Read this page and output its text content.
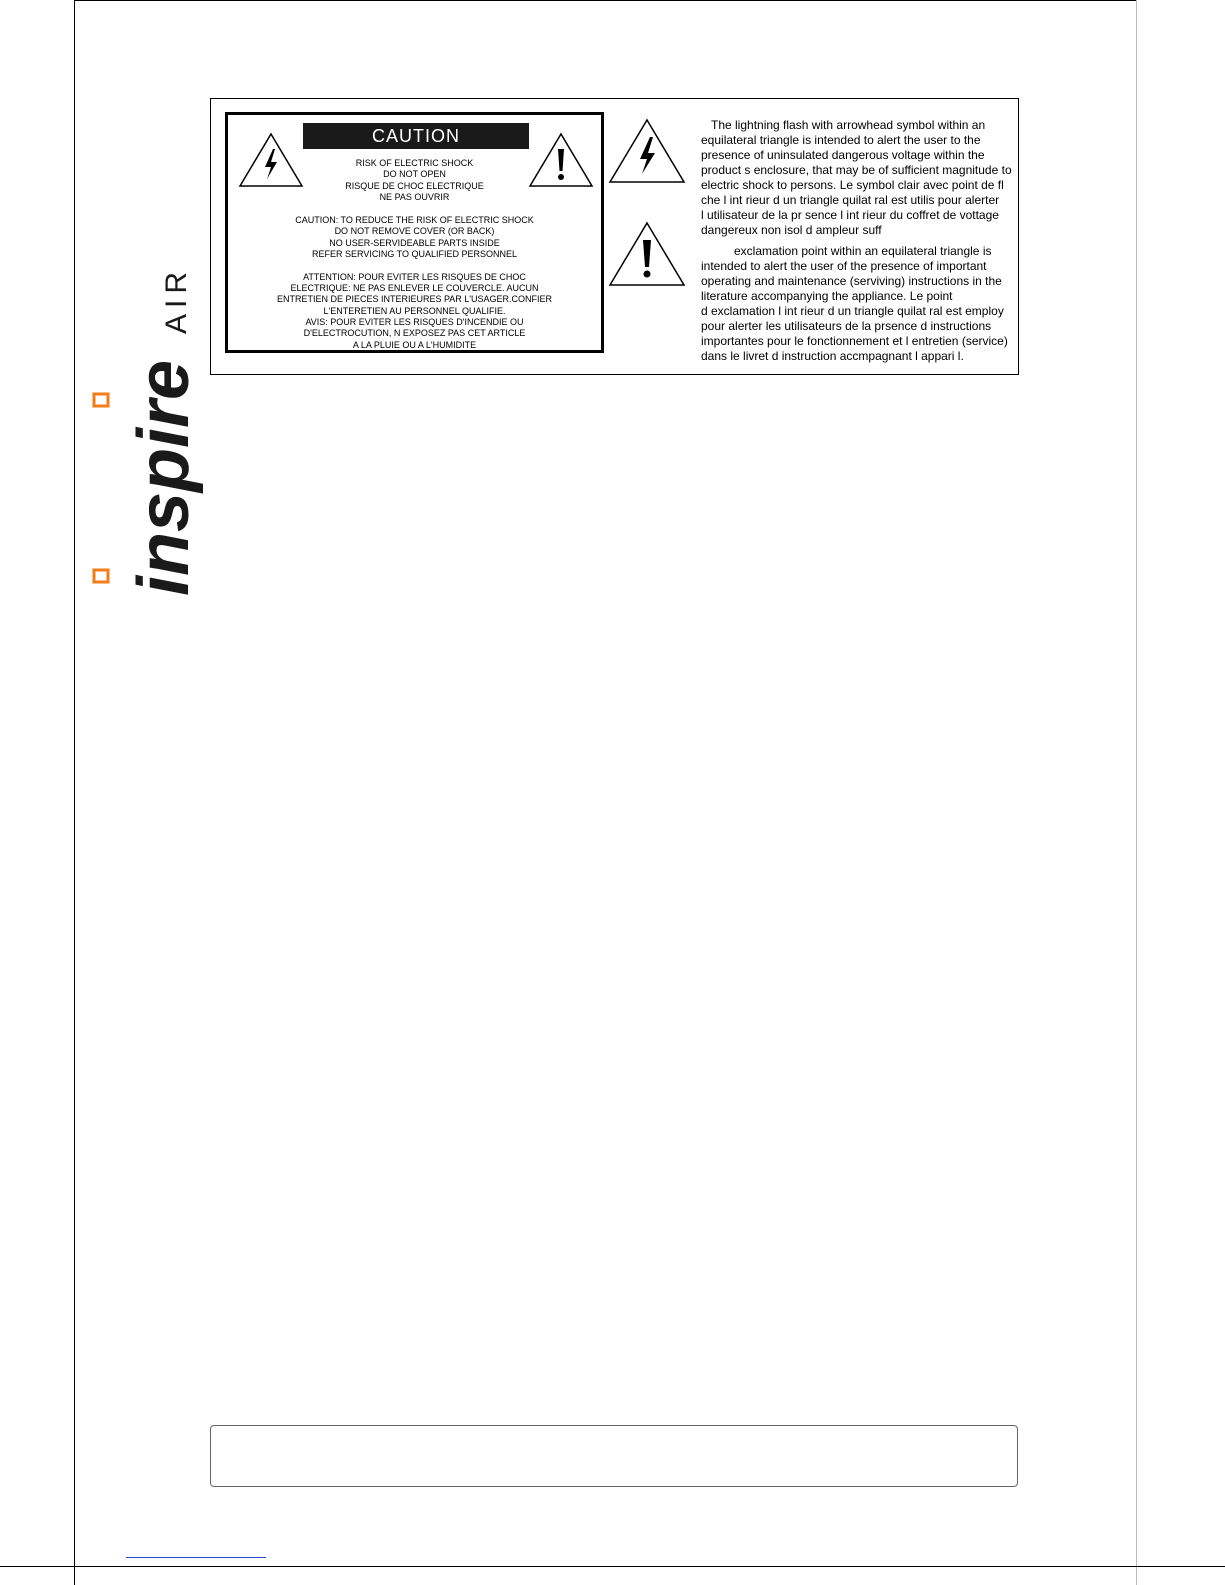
inspire
AIR
CAUTION
RISK OF ELECTRIC SHOCK
DO NOT OPEN
RISQUE DE CHOC ELECTRIQUE
NE PAS OUVRIR
CAUTION: TO REDUCE THE RISK OF ELECTRIC SHOCK
DO NOT REMOVE COVER (OR BACK)
NO USER-SERVIDEABLE PARTS INSIDE
REFER SERVICING TO QUALIFIED PERSONNEL
ATTENTION: POUR EVITER LES RISQUES DE CHOC
ELECTRIQUE: NE PAS ENLEVER LE COUVERCLE. AUCUN
ENTRETIEN DE PIECES INTERIEURES PAR L'USAGER.CONFIER
L'ENTERETIEN AU PERSONNEL QUALIFIE.
AVIS: POUR EVITER LES RISQUES D'INCENDIE OU
D'ELECTROCUTION, N EXPOSEZ PAS CET ARTICLE
A LA PLUIE OU A L'HUMIDITE
The lightning flash with arrowhead symbol within an
equilateral triangle is intended to alert the user to the
presence of uninsulated dangerous voltage within the
product s enclosure, that may be of sufficient magnitude to
electric shock to persons. Le symbol clair avec point de fl
che l int rieur d un triangle quilat ral est utilis pour alerter
l utilisateur de la pr sence l int rieur du coffret de vottage
dangereux non isol d ampleur suff
exclamation point within an equilateral triangle is
intended to alert the user of the presence of important
operating and maintenance (serviving) instructions in the
literature accompanying the appliance. Le point
d exclamation l int rieur d un triangle quilat ral est employ
pour alerter les utilisateurs de la prsence d instructions
importantes pour le fonctionnement et l entretien (service)
dans le livret d instruction accmpagnant l appari l.
